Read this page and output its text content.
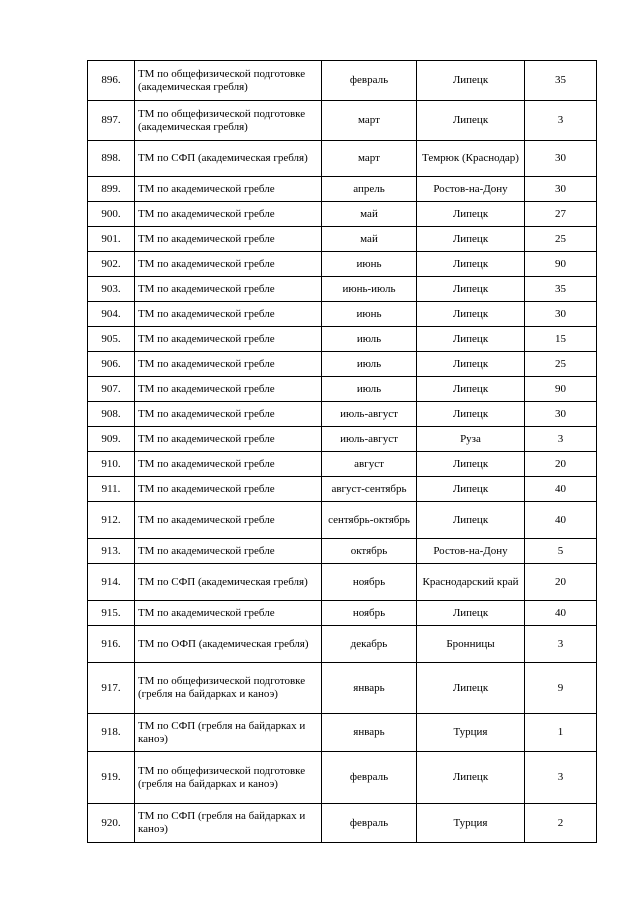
896.	ТМ по общефизической подготовке (академическая гребля)	февраль	Липецк	35
897.	ТМ по общефизической подготовке (академическая гребля)	март	Липецк	3
898.	ТМ по СФП (академическая гребля)	март	Темрюк (Краснодар)	30
899.	ТМ по академической гребле	апрель	Ростов-на-Дону	30
900.	ТМ по академической гребле	май	Липецк	27
901.	ТМ по академической гребле	май	Липецк	25
902.	ТМ по академической гребле	июнь	Липецк	90
903.	ТМ по академической гребле	июнь-июль	Липецк	35
904.	ТМ по академической гребле	июнь	Липецк	30
905.	ТМ по академической гребле	июль	Липецк	15
906.	ТМ по академической гребле	июль	Липецк	25
907.	ТМ по академической гребле	июль	Липецк	90
908.	ТМ по академической гребле	июль-август	Липецк	30
909.	ТМ по академической гребле	июль-август	Руза	3
910.	ТМ по академической гребле	август	Липецк	20
911.	ТМ по академической гребле	август-сентябрь	Липецк	40
912.	ТМ по академической гребле	сентябрь-октябрь	Липецк	40
913.	ТМ по академической гребле	октябрь	Ростов-на-Дону	5
914.	ТМ по СФП (академическая гребля)	ноябрь	Краснодарский край	20
915.	ТМ по академической гребле	ноябрь	Липецк	40
916.	ТМ по ОФП (академическая гребля)	декабрь	Бронницы	3
917.	ТМ по общефизической подготовке (гребля на байдарках и каноэ)	январь	Липецк	9
918.	ТМ по СФП (гребля на байдарках и каноэ)	январь	Турция	1
919.	ТМ по общефизической подготовке (гребля на байдарках и каноэ)	февраль	Липецк	3
920.	ТМ по СФП (гребля на байдарках и каноэ)	февраль	Турция	2
